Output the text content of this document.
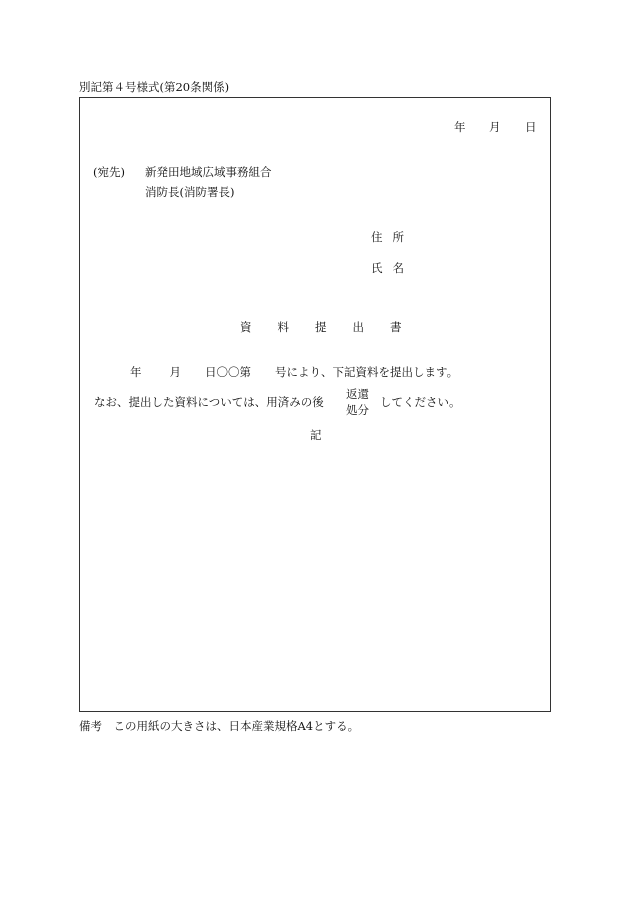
別記第４号様式(第20条関係)
年 月 日
(宛先) 新発田地域広域事務組合
消防長(消防署長)
住所
氏名
資料提出書
年 月 日〇〇第 号により、下記資料を提出します。
なお、提出した資料については、用済みの後
返還
処分
してください。
記
備考　この用紙の大きさは、日本産業規格A4とする。
